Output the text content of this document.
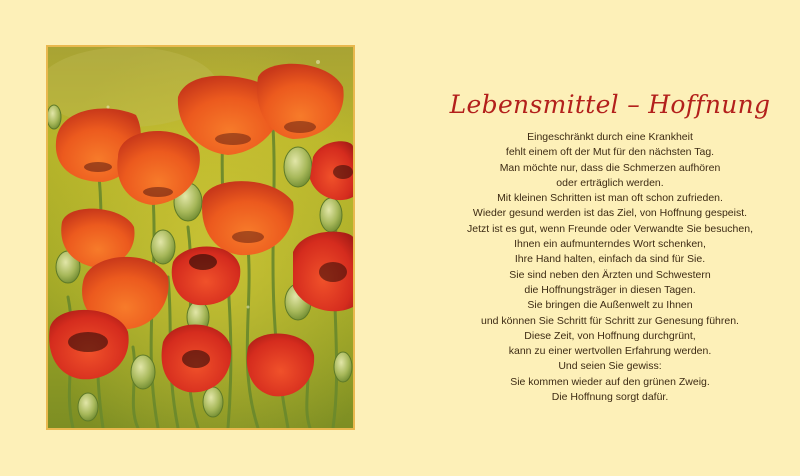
Lebensmittel – Hoffnung
Eingeschränkt durch eine Krankheit
fehlt einem oft der Mut für den nächsten Tag.
Man möchte nur, dass die Schmerzen aufhören
oder erträglich werden.
Mit kleinen Schritten ist man oft schon zufrieden.
Wieder gesund werden ist das Ziel, von Hoffnung gespeist.
Jetzt ist es gut, wenn Freunde oder Verwandte Sie besuchen,
Ihnen ein aufmunterndes Wort schenken,
Ihre Hand halten, einfach da sind für Sie.
Sie sind neben den Ärzten und Schwestern
die Hoffnungsträger in diesen Tagen.
Sie bringen die Außenwelt zu Ihnen
und können Sie Schritt für Schritt zur Genesung führen.
Diese Zeit, von Hoffnung durchgrünt,
kann zu einer wertvollen Erfahrung werden.
Und seien Sie gewiss:
Sie kommen wieder auf den grünen Zweig.
Die Hoffnung sorgt dafür.
